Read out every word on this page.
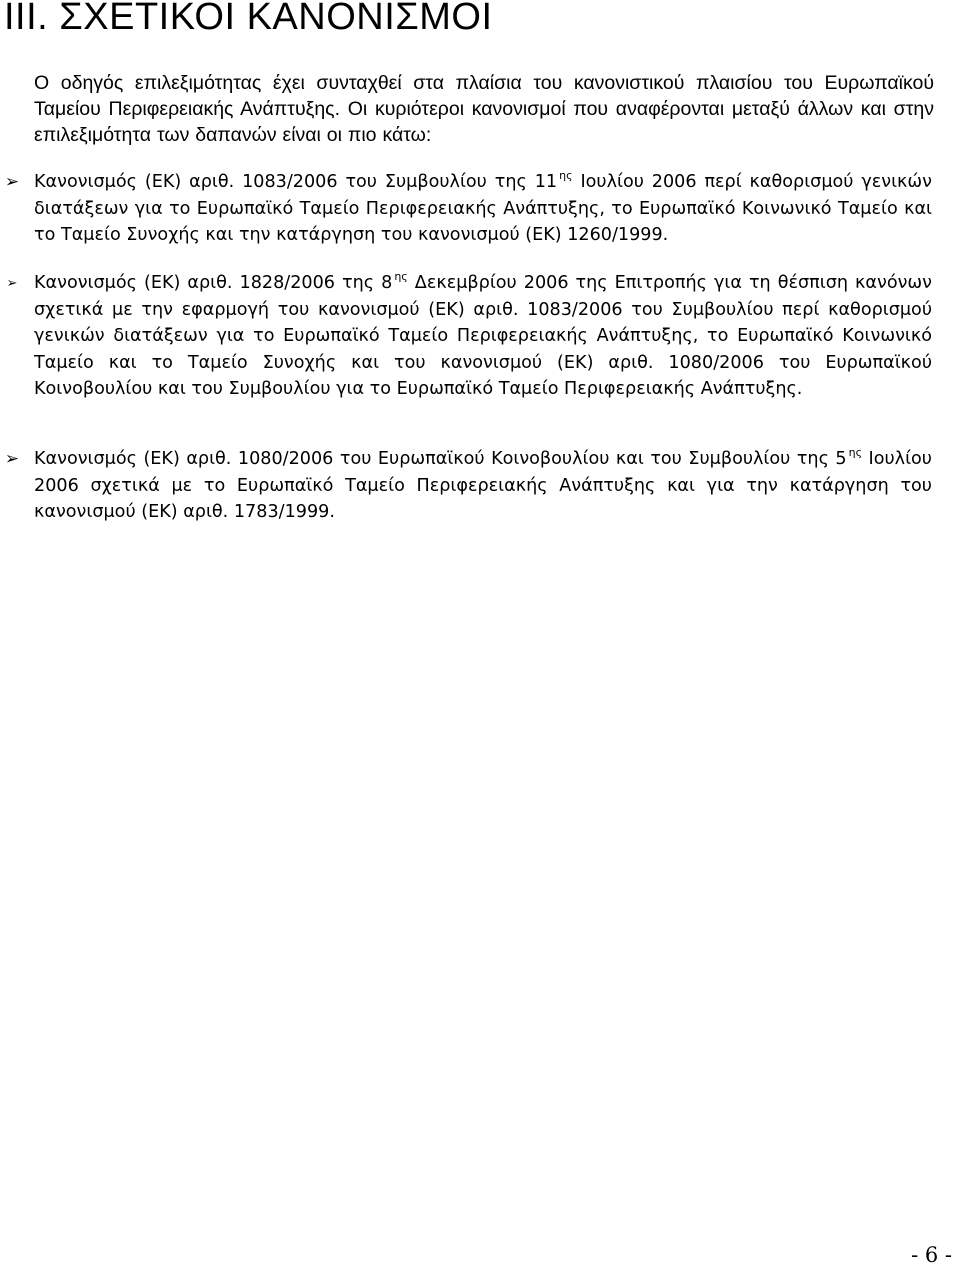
III. ΣΧΕΤΙΚΟΙ ΚΑΝΟΝΙΣΜΟΙ

Ο οδηγός επιλεξιμότητας έχει συνταχθεί στα πλαίσια του κανονιστικού πλαισίου του Ευρωπαϊκού Ταμείου Περιφερειακής Ανάπτυξης. Οι κυριότεροι κανονισμοί που αναφέρονται μεταξύ άλλων και στην επιλεξιμότητα των δαπανών είναι οι πιο κάτω:

➢ Κανονισμός (ΕΚ) αριθ. 1083/2006 του Συμβουλίου της 11 $^{\eta\varsigma}$ Ιουλίου 2006 περί καθορισμού γενικών διατάξεων για το Ευρωπαϊκό Ταμείο Περιφερειακής Ανάπτυξης, το Ευρωπαϊκό Κοινωνικό Ταμείο και το Ταμείο Συνοχής και την κατάργηση του κανονισμού (ΕΚ) 1260/1999.
➢ Κανονισμός (ΕΚ) αριθ. 1828/2006 της 8 $^{\eta\varsigma}$ Δεκεμβρίου 2006 της Επιτροπής για τη θέσπιση κανόνων σχετικά με την εφαρμογή του κανονισμού (ΕΚ) αριθ. 1083/2006 του Συμβουλίου περί καθορισμού γενικών διατάξεων για το Ευρωπαϊκό Ταμείο Περιφερειακής Ανάπτυξης, το Ευρωπαϊκό Κοινωνικό Ταμείο και το Ταμείο Συνοχής και του κανονισμού (ΕΚ) αριθ. 1080/2006 του Ευρωπαϊκού Κοινοβουλίου και του Συμβουλίου για το Ευρωπαϊκό Ταμείο Περιφερειακής Ανάπτυξης.
➢ Κανονισμός (ΕΚ) αριθ. 1080/2006 του Ευρωπαϊκού Κοινοβουλίου και του Συμβουλίου της 5 $^{\eta\varsigma}$ Ιουλίου 2006 σχετικά με το Ευρωπαϊκό Ταμείο Περιφερειακής Ανάπτυξης και για την κατάργηση του κανονισμού (ΕΚ) αριθ. 1783/1999.
- 6 -
